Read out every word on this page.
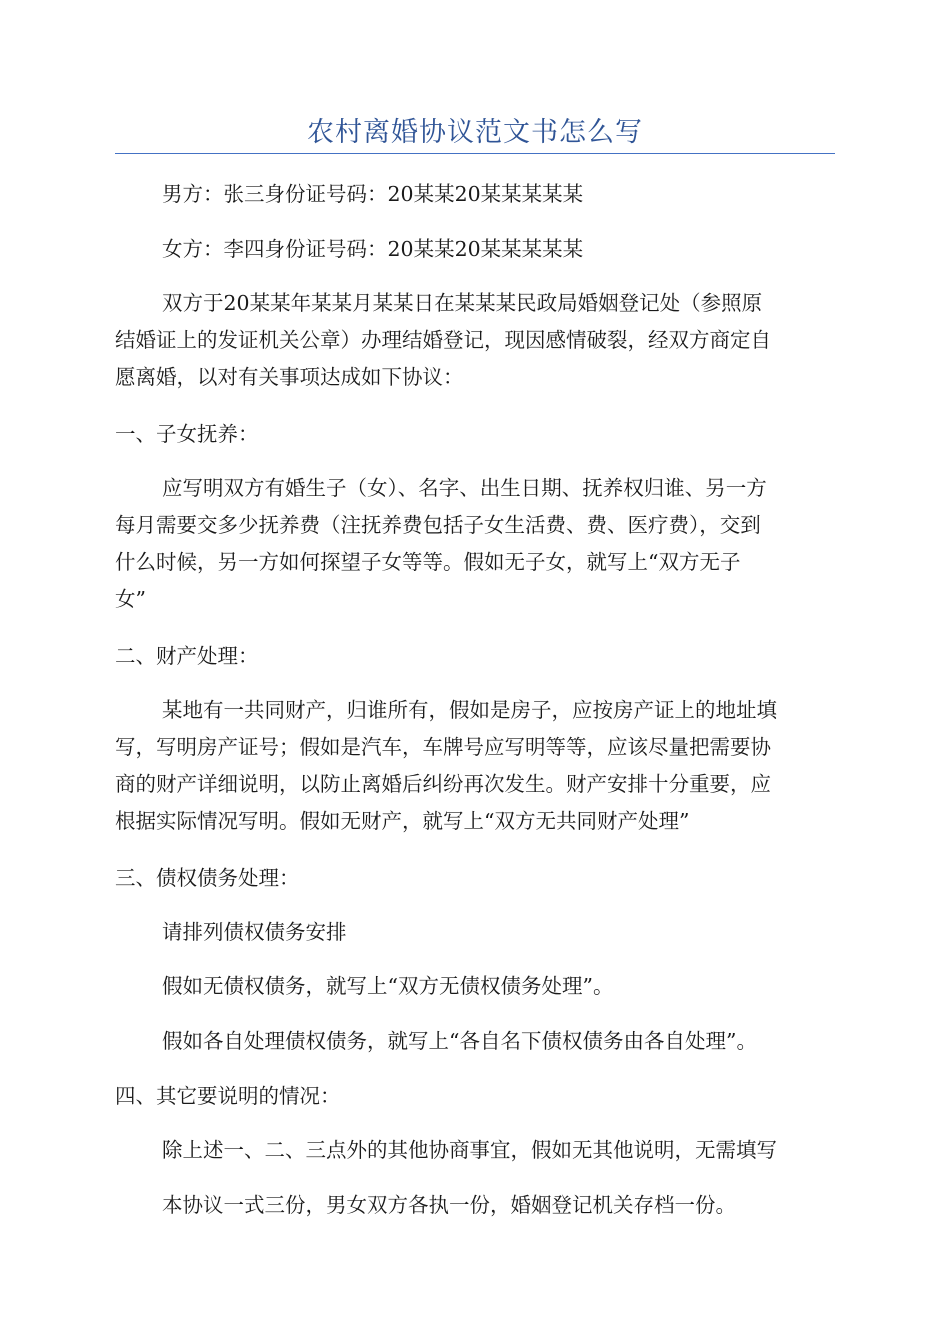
农村离婚协议范文书怎么写
男方：张三身份证号码：20某某20某某某某某
女方：李四身份证号码：20某某20某某某某某
双方于20某某年某某月某某日在某某某民政局婚姻登记处（参照原
结婚证上的发证机关公章）办理结婚登记，现因感情破裂，经双方商定自
愿离婚，以对有关事项达成如下协议：
一、子女抚养：
应写明双方有婚生子（女）、名字、出生日期、抚养权归谁、另一方
每月需要交多少抚养费（注抚养费包括子女生活费、费、医疗费），交到
什么时候，另一方如何探望子女等等。假如无子女，就写上“双方无子
女”
二、财产处理：
某地有一共同财产，归谁所有，假如是房子，应按房产证上的地址填
写，写明房产证号；假如是汽车，车牌号应写明等等，应该尽量把需要协
商的财产详细说明，以防止离婚后纠纷再次发生。财产安排十分重要，应
根据实际情况写明。假如无财产，就写上“双方无共同财产处理”
三、债权债务处理：
请排列债权债务安排
假如无债权债务，就写上“双方无债权债务处理”。
假如各自处理债权债务，就写上“各自名下债权债务由各自处理”。
四、其它要说明的情况：
除上述一、二、三点外的其他协商事宜，假如无其他说明，无需填写
本协议一式三份，男女双方各执一份，婚姻登记机关存档一份。
